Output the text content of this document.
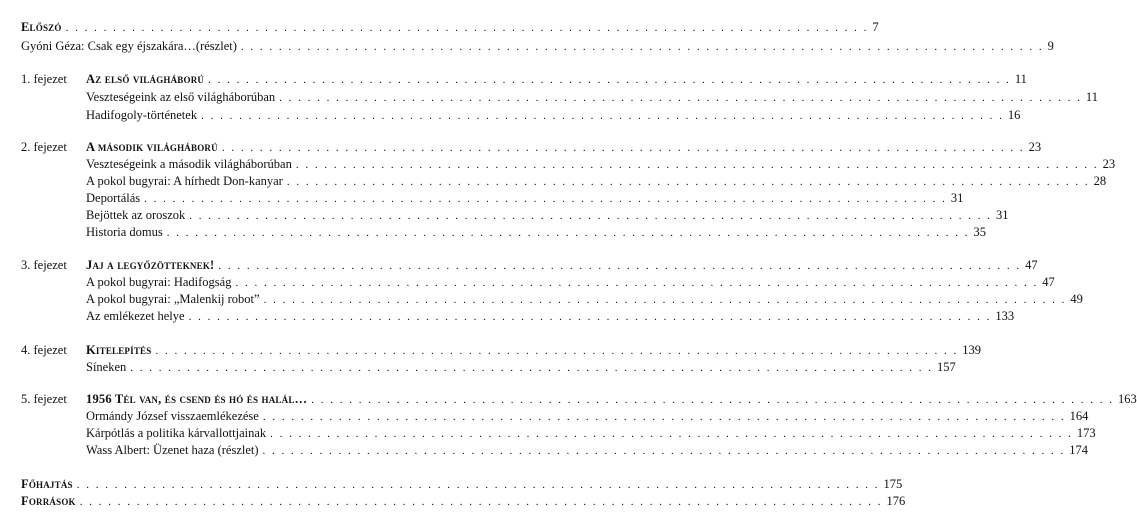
Előszó . . . . . . . . . . . . . . . . . . . . . . . . . . . . . . . . . . . . . . . . . . . . . . . . . . . . . . . . . . . . . . . . . . . . . . . . . . . . . . . . . . . . . 7
Gyóni Géza: Csak egy éjszakára…(részlet) . . . . . . . . . . . . . . . . . . . . . . . . . . . . . . . . . . . . . . . . . . . . . . . . . . . . . . . . . . . . . . . . . . . . . . . . . . . . . . . . . . . . . 9
1. fejezet Az első világháború . . . . . . . . . . . . . . . . . . . . . . . . . . . . . . . . . . . . . . . . . . . . . . . . . . . . . . . . . . . . . . . . . . . . . . . . . . . . . . . . . . . . . 11
Veszteségeink az első világháborúban . . . . . . . . . . . . . . . . . . . . . . . . . . . . . . . . . . . . . . . . . . . . . . . . . . . . . . . . . . . . . . . . . . . . . . . . . . . . . . . . . . . . . 11
Hadifogoly-történetek . . . . . . . . . . . . . . . . . . . . . . . . . . . . . . . . . . . . . . . . . . . . . . . . . . . . . . . . . . . . . . . . . . . . . . . . . . . . . . . . . . . . . 16
2. fejezet A második világháború . . . . . . . . . . . . . . . . . . . . . . . . . . . . . . . . . . . . . . . . . . . . . . . . . . . . . . . . . . . . . . . . . . . . . . . . . . . . . . . . . . . . . 23
Veszteségeink a második világháborúban . . . . . . . . . . . . . . . . . . . . . . . . . . . . . . . . . . . . . . . . . . . . . . . . . . . . . . . . . . . . . . . . . . . . . . . . . . . . . . . . . . . . . 23
A pokol bugyrai: A hírhedt Don-kanyar . . . . . . . . . . . . . . . . . . . . . . . . . . . . . . . . . . . . . . . . . . . . . . . . . . . . . . . . . . . . . . . . . . . . . . . . . . . . . . . . . . . . . 28
Deportálás . . . . . . . . . . . . . . . . . . . . . . . . . . . . . . . . . . . . . . . . . . . . . . . . . . . . . . . . . . . . . . . . . . . . . . . . . . . . . . . . . . . . . 31
Bejöttek az oroszok . . . . . . . . . . . . . . . . . . . . . . . . . . . . . . . . . . . . . . . . . . . . . . . . . . . . . . . . . . . . . . . . . . . . . . . . . . . . . . . . . . . . . 31
Historia domus . . . . . . . . . . . . . . . . . . . . . . . . . . . . . . . . . . . . . . . . . . . . . . . . . . . . . . . . . . . . . . . . . . . . . . . . . . . . . . . . . . . . . 35
3. fejezet Jaj a legyőzötteknek! . . . . . . . . . . . . . . . . . . . . . . . . . . . . . . . . . . . . . . . . . . . . . . . . . . . . . . . . . . . . . . . . . . . . . . . . . . . . . . . . . . . . . 47
A pokol bugyrai: Hadifogság . . . . . . . . . . . . . . . . . . . . . . . . . . . . . . . . . . . . . . . . . . . . . . . . . . . . . . . . . . . . . . . . . . . . . . . . . . . . . . . . . . . . . 47
A pokol bugyrai: „Malenkij robot” . . . . . . . . . . . . . . . . . . . . . . . . . . . . . . . . . . . . . . . . . . . . . . . . . . . . . . . . . . . . . . . . . . . . . . . . . . . . . . . . . . . . . 49
Az emlékezet helye . . . . . . . . . . . . . . . . . . . . . . . . . . . . . . . . . . . . . . . . . . . . . . . . . . . . . . . . . . . . . . . . . . . . . . . . . . . . . . . . . . . . . 133
4. fejezet Kitelepítés . . . . . . . . . . . . . . . . . . . . . . . . . . . . . . . . . . . . . . . . . . . . . . . . . . . . . . . . . . . . . . . . . . . . . . . . . . . . . . . . . . . . . 139
Síneken . . . . . . . . . . . . . . . . . . . . . . . . . . . . . . . . . . . . . . . . . . . . . . . . . . . . . . . . . . . . . . . . . . . . . . . . . . . . . . . . . . . . . 157
5. fejezet 1956 Tél van, és csend és hó és halál… . . . . . . . . . . . . . . . . . . . . . . . . . . . . . . . . . . . . . . . . . . . . . . . . . . . . . . . . . . . . . . . . . . . . . . . . . . . . . . . . . . . . . 163
Ormándy József visszaemlékezése . . . . . . . . . . . . . . . . . . . . . . . . . . . . . . . . . . . . . . . . . . . . . . . . . . . . . . . . . . . . . . . . . . . . . . . . . . . . . . . . . . . . . 164
Kárpótlás a politika kárvallottjainak . . . . . . . . . . . . . . . . . . . . . . . . . . . . . . . . . . . . . . . . . . . . . . . . . . . . . . . . . . . . . . . . . . . . . . . . . . . . . . . . . . . . . 173
Wass Albert: Üzenet haza (részlet) . . . . . . . . . . . . . . . . . . . . . . . . . . . . . . . . . . . . . . . . . . . . . . . . . . . . . . . . . . . . . . . . . . . . . . . . . . . . . . . . . . . . . 174
Főhajtás . . . . . . . . . . . . . . . . . . . . . . . . . . . . . . . . . . . . . . . . . . . . . . . . . . . . . . . . . . . . . . . . . . . . . . . . . . . . . . . . . . . . . 175
Források . . . . . . . . . . . . . . . . . . . . . . . . . . . . . . . . . . . . . . . . . . . . . . . . . . . . . . . . . . . . . . . . . . . . . . . . . . . . . . . . . . . . . 176
